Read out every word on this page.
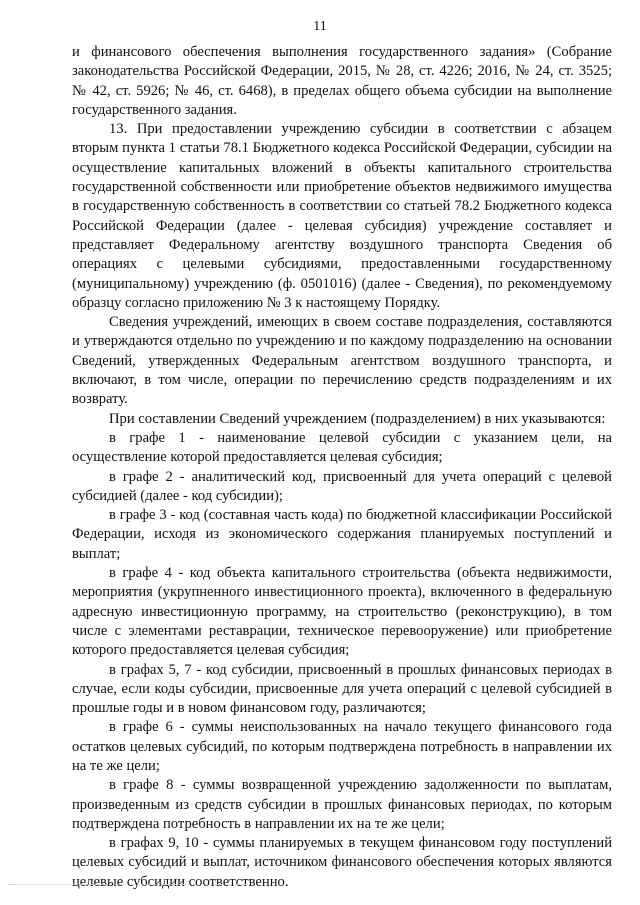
11

и финансового обеспечения выполнения государственного задания» (Собрание законодательства Российской Федерации, 2015, № 28, ст. 4226; 2016, № 24, ст. 3525; № 42, ст. 5926; № 46, ст. 6468), в пределах общего объема субсидии на выполнение государственного задания.

13. При предоставлении учреждению субсидии в соответствии с абзацем вторым пункта 1 статьи 78.1 Бюджетного кодекса Российской Федерации, субсидии на осуществление капитальных вложений в объекты капитального строительства государственной собственности или приобретение объектов недвижимого имущества в государственную собственность в соответствии со статьей 78.2 Бюджетного кодекса Российской Федерации (далее - целевая субсидия) учреждение составляет и представляет Федеральному агентству воздушного транспорта Сведения об операциях с целевыми субсидиями, предоставленными государственному (муниципальному) учреждению (ф. 0501016) (далее - Сведения), по рекомендуемому образцу согласно приложению № 3 к настоящему Порядку.

Сведения учреждений, имеющих в своем составе подразделения, составляются и утверждаются отдельно по учреждению и по каждому подразделению на основании Сведений, утвержденных Федеральным агентством воздушного транспорта, и включают, в том числе, операции по перечислению средств подразделениям и их возврату.

При составлении Сведений учреждением (подразделением) в них указываются:

в графе 1 - наименование целевой субсидии с указанием цели, на осуществление которой предоставляется целевая субсидия;

в графе 2 - аналитический код, присвоенный для учета операций с целевой субсидией (далее - код субсидии);

в графе 3 - код (составная часть кода) по бюджетной классификации Российской Федерации, исходя из экономического содержания планируемых поступлений и выплат;

в графе 4 - код объекта капитального строительства (объекта недвижимости, мероприятия (укрупненного инвестиционного проекта), включенного в федеральную адресную инвестиционную программу, на строительство (реконструкцию), в том числе с элементами реставрации, техническое перевооружение) или приобретение которого предоставляется целевая субсидия;

в графах 5, 7 - код субсидии, присвоенный в прошлых финансовых периодах в случае, если коды субсидии, присвоенные для учета операций с целевой субсидией в прошлые годы и в новом финансовом году, различаются;

в графе 6 - суммы неиспользованных на начало текущего финансового года остатков целевых субсидий, по которым подтверждена потребность в направлении их на те же цели;

в графе 8 - суммы возвращенной учреждению задолженности по выплатам, произведенным из средств субсидии в прошлых финансовых периодах, по которым подтверждена потребность в направлении их на те же цели;

в графах 9, 10 - суммы планируемых в текущем финансовом году поступлений целевых субсидий и выплат, источником финансового обеспечения которых являются целевые субсидии соответственно.
